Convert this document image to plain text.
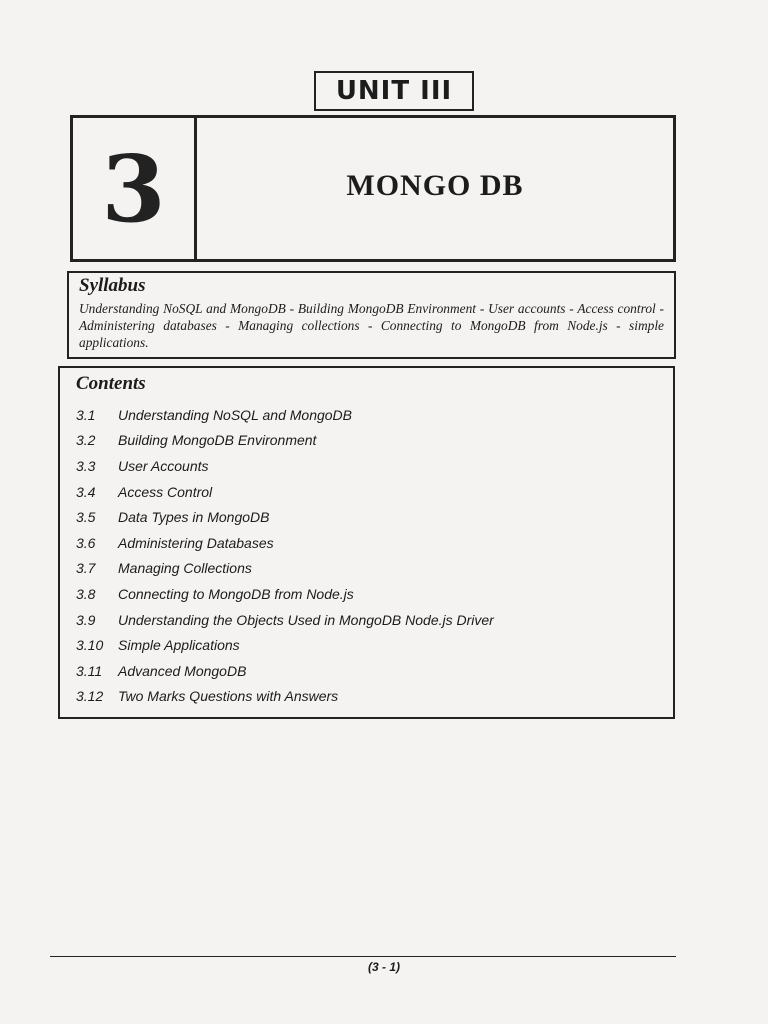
UNIT III
3	MONGO DB
Syllabus
Understanding NoSQL and MongoDB - Building MongoDB Environment - User accounts - Access control - Administering databases - Managing collections - Connecting to MongoDB from Node.js - simple applications.
Contents
3.1	Understanding NoSQL and MongoDB
3.2	Building MongoDB Environment
3.3	User Accounts
3.4	Access Control
3.5	Data Types in MongoDB
3.6	Administering Databases
3.7	Managing Collections
3.8	Connecting to MongoDB from Node.js
3.9	Understanding the Objects Used in MongoDB Node.js Driver
3.10	Simple Applications
3.11	Advanced MongoDB
3.12	Two Marks Questions with Answers
(3 - 1)
